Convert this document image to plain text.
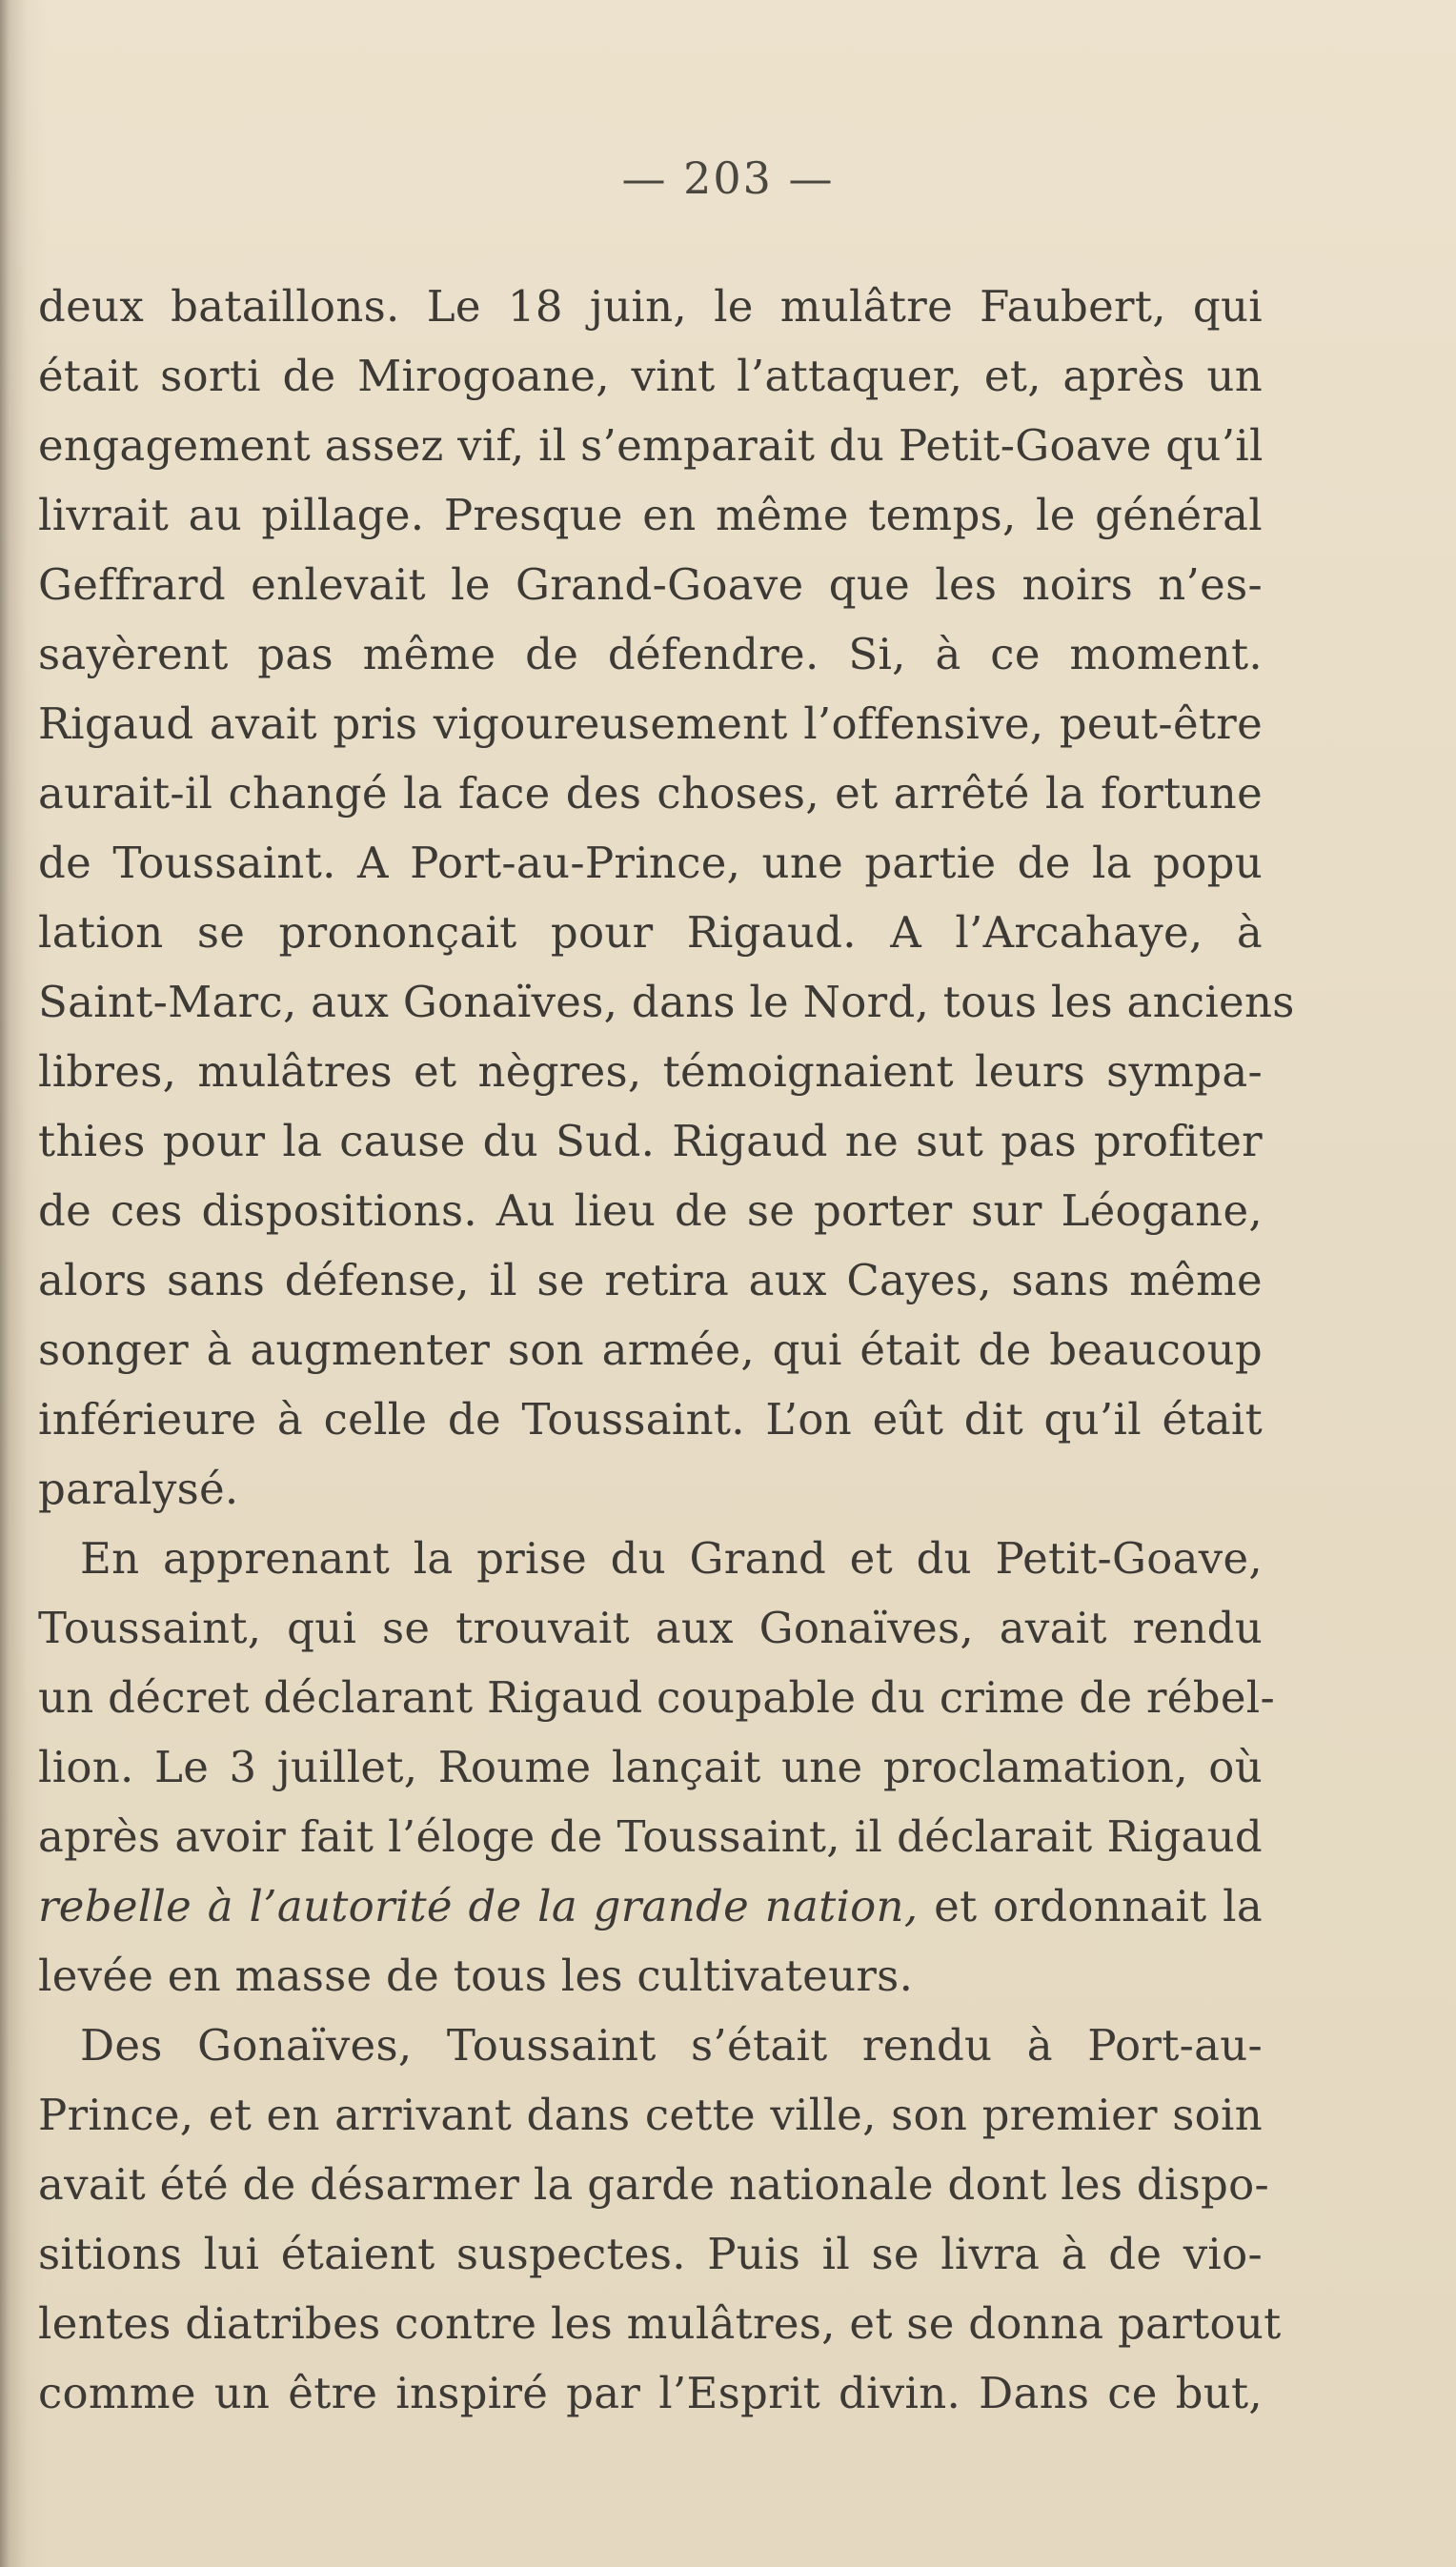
— 203 —
deux bataillons. Le 18 juin, le mulâtre Faubert, qui
était sorti de Mirogoane, vint l’attaquer, et, après un
engagement assez vif, il s’emparait du Petit-Goave qu’il
livrait au pillage. Presque en même temps, le général
Geffrard enlevait le Grand-Goave que les noirs n’es-
sayèrent pas même de défendre. Si, à ce moment.
Rigaud avait pris vigoureusement l’offensive, peut-être
aurait-il changé la face des choses, et arrêté la fortune
de Toussaint. A Port-au-Prince, une partie de la popu
lation se prononçait pour Rigaud. A l’Arcahaye, à
Saint-Marc, aux Gonaïves, dans le Nord, tous les anciens
libres, mulâtres et nègres, témoignaient leurs sympa-
thies pour la cause du Sud. Rigaud ne sut pas profiter
de ces dispositions. Au lieu de se porter sur Léogane,
alors sans défense, il se retira aux Cayes, sans même
songer à augmenter son armée, qui était de beaucoup
inférieure à celle de Toussaint. L’on eût dit qu’il était
paralysé.
En apprenant la prise du Grand et du Petit-Goave,
Toussaint, qui se trouvait aux Gonaïves, avait rendu
un décret déclarant Rigaud coupable du crime de rébel-
lion. Le 3 juillet, Roume lançait une proclamation, où
après avoir fait l’éloge de Toussaint, il déclarait Rigaud
rebelle à l’autorité de la grande nation, et ordonnait la
levée en masse de tous les cultivateurs.
Des Gonaïves, Toussaint s’était rendu à Port-au-
Prince, et en arrivant dans cette ville, son premier soin
avait été de désarmer la garde nationale dont les dispo-
sitions lui étaient suspectes. Puis il se livra à de vio-
lentes diatribes contre les mulâtres, et se donna partout
comme un être inspiré par l’Esprit divin. Dans ce but,
